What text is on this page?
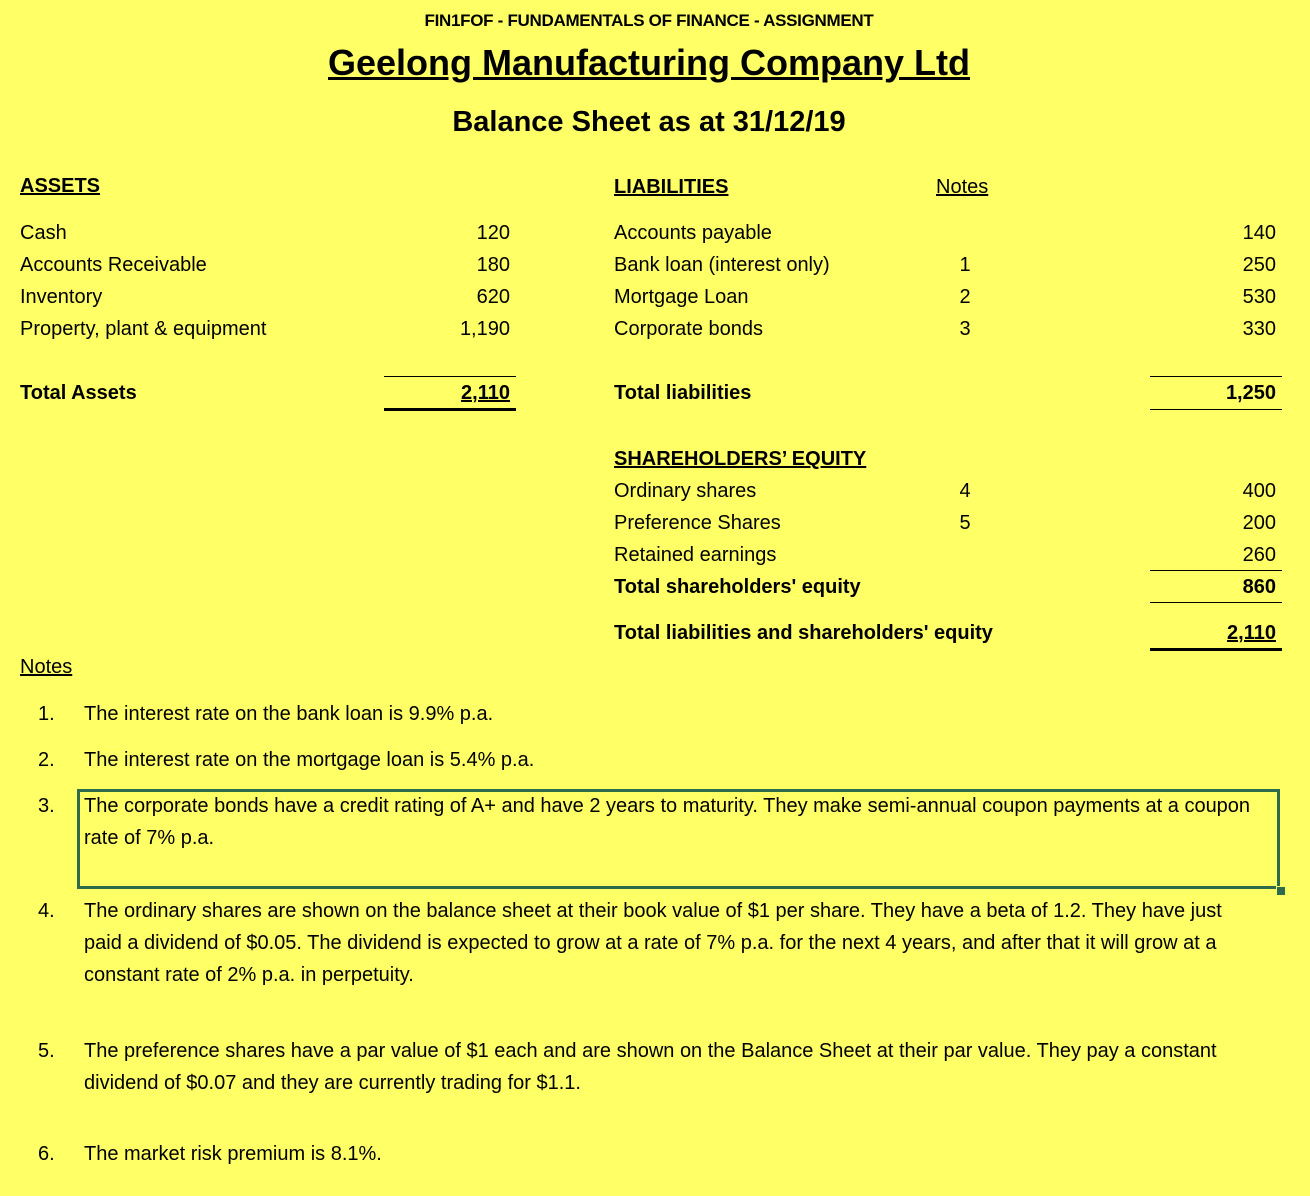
FIN1FOF - FUNDAMENTALS OF FINANCE - ASSIGNMENT
Geelong Manufacturing Company Ltd
Balance Sheet as at 31/12/19
ASSETS
Cash	120
Accounts Receivable	180
Inventory	620
Property, plant & equipment	1,190
Total Assets	2,110
LIABILITIES	Notes
Accounts payable	140
Bank loan (interest only)	1	250
Mortgage Loan	2	530
Corporate bonds	3	330
Total liabilities	1,250
SHAREHOLDERS’ EQUITY
Ordinary shares	4	400
Preference Shares	5	200
Retained earnings	260
Total shareholders' equity	860
Total liabilities and shareholders' equity	2,110
Notes
1. The interest rate on the bank loan is 9.9% p.a.
2. The interest rate on the mortgage loan is 5.4% p.a.
3. The corporate bonds have a credit rating of A+ and have 2 years to maturity. They make semi-annual coupon payments at a coupon rate of 7% p.a.
4. The ordinary shares are shown on the balance sheet at their book value of $1 per share. They have a beta of 1.2. They have just paid a dividend of $0.05. The dividend is expected to grow at a rate of 7% p.a. for the next 4 years, and after that it will grow at a constant rate of 2% p.a. in perpetuity.
5. The preference shares have a par value of $1 each and are shown on the Balance Sheet at their par value. They pay a constant dividend of $0.07 and they are currently trading for $1.1.
6. The market risk premium is 8.1%.
